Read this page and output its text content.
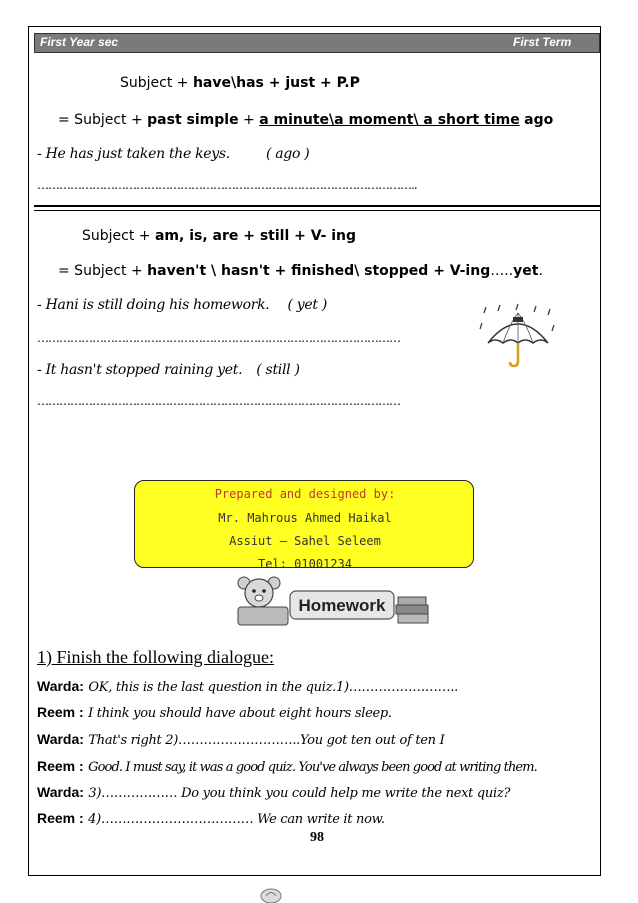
First Year sec	First Term
Subject + have\has + just + P.P
= Subject + past simple + a minute\a moment\ a short time ago
- He has just taken the keys.	( ago )
…………………………………………………………………………………………..
Subject + am, is, are + still + V- ing
= Subject + haven't \ hasn't + finished\ stopped + V-ing…..yet.
- Hani is still doing his homework. ( yet )
………………………………………………………………………………………
- It hasn't stopped raining yet. ( still )
………………………………………………………………………………………
Prepared and designed by:
Mr. Mahrous Ahmed Haikal
Assiut – Sahel Seleem
Tel: 01001234
Homework
1) Finish the following dialogue:
Warda: OK, this is the last question in the quiz.1)……………………..
Reem : I think you should have about eight hours sleep.
Warda: That's right 2)………………………..You got ten out of ten I
Reem : Good. I must say, it was a good quiz. You've always been good at writing them.
Warda: 3)……………… Do you think you could help me write the next quiz?
Reem : 4)……………………………… We can write it now.
98
